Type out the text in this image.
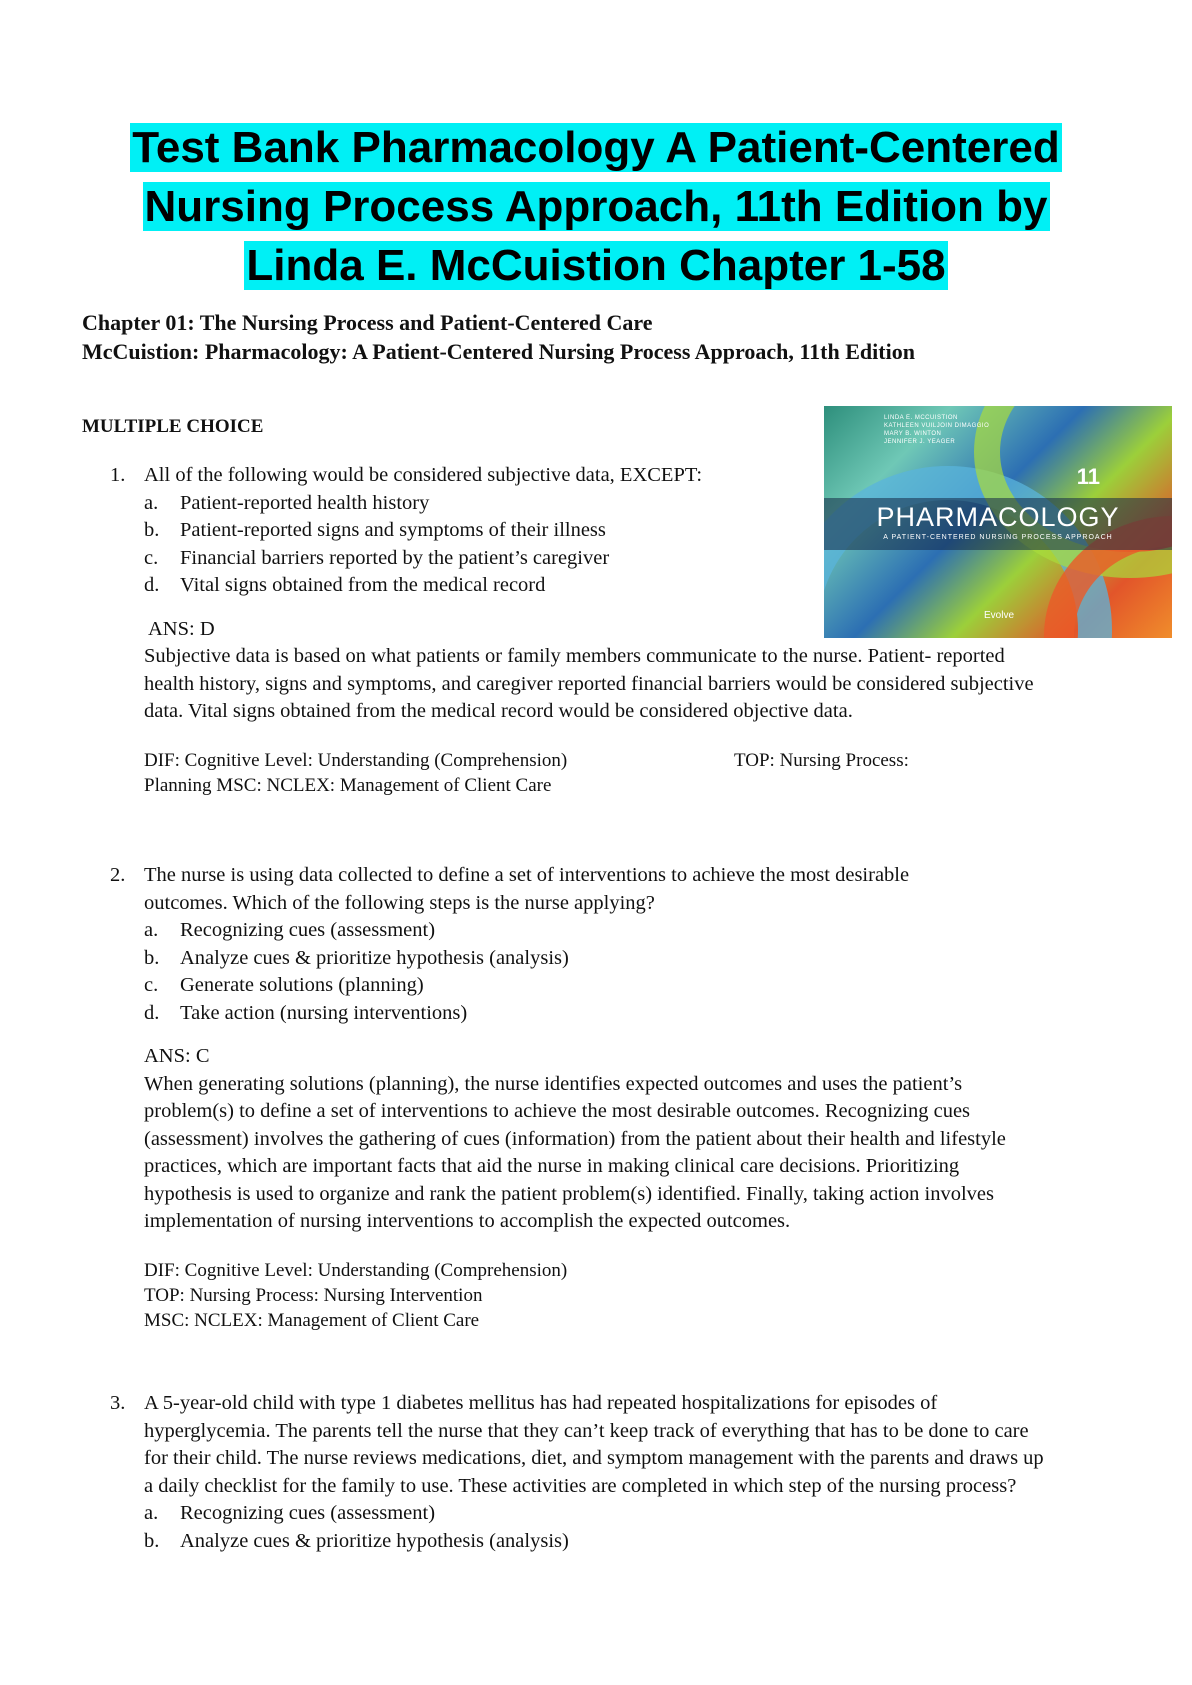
Test Bank Pharmacology A Patient-Centered
Nursing Process Approach, 11th Edition by
Linda E. McCuistion Chapter 1-58
Chapter 01: The Nursing Process and Patient-Centered Care
McCuistion: Pharmacology: A Patient-Centered Nursing Process Approach, 11th Edition
MULTIPLE CHOICE	LINDA E. MCCUISTION
KATHLEEN VUILJOIN DIMAGGIO
MARY B. WINTON
JENNIFER J. YEAGER
11
PHARMACOLOGY
A PATIENT-CENTERED NURSING PROCESS APPROACH
Evolve
1. All of the following would be considered subjective data, EXCEPT:
a.	Patient-reported health history
b.	Patient-reported signs and symptoms of their illness
c.	Financial barriers reported by the patient’s caregiver
d.	Vital signs obtained from the medical record
ANS: D
Subjective data is based on what patients or family members communicate to the nurse. Patient- reported health history, signs and symptoms, and caregiver reported financial barriers would be considered subjective data. Vital signs obtained from the medical record would be considered objective data.
DIF: Cognitive Level: Understanding (Comprehension)	TOP: Nursing Process:
Planning MSC: NCLEX: Management of Client Care
2. The nurse is using data collected to define a set of interventions to achieve the most desirable outcomes. Which of the following steps is the nurse applying?
a.	Recognizing cues (assessment)
b.	Analyze cues & prioritize hypothesis (analysis)
c.	Generate solutions (planning)
d.	Take action (nursing interventions)
ANS: C
When generating solutions (planning), the nurse identifies expected outcomes and uses the patient’s problem(s) to define a set of interventions to achieve the most desirable outcomes. Recognizing cues (assessment) involves the gathering of cues (information) from the patient about their health and lifestyle practices, which are important facts that aid the nurse in making clinical care decisions. Prioritizing hypothesis is used to organize and rank the patient problem(s) identified. Finally, taking action involves implementation of nursing interventions to accomplish the expected outcomes.
DIF: Cognitive Level: Understanding (Comprehension)
TOP: Nursing Process: Nursing Intervention
MSC: NCLEX: Management of Client Care
3. A 5-year-old child with type 1 diabetes mellitus has had repeated hospitalizations for episodes of hyperglycemia. The parents tell the nurse that they can’t keep track of everything that has to be done to care for their child. The nurse reviews medications, diet, and symptom management with the parents and draws up a daily checklist for the family to use. These activities are completed in which step of the nursing process?
a.	Recognizing cues (assessment)
b.	Analyze cues & prioritize hypothesis (analysis)
